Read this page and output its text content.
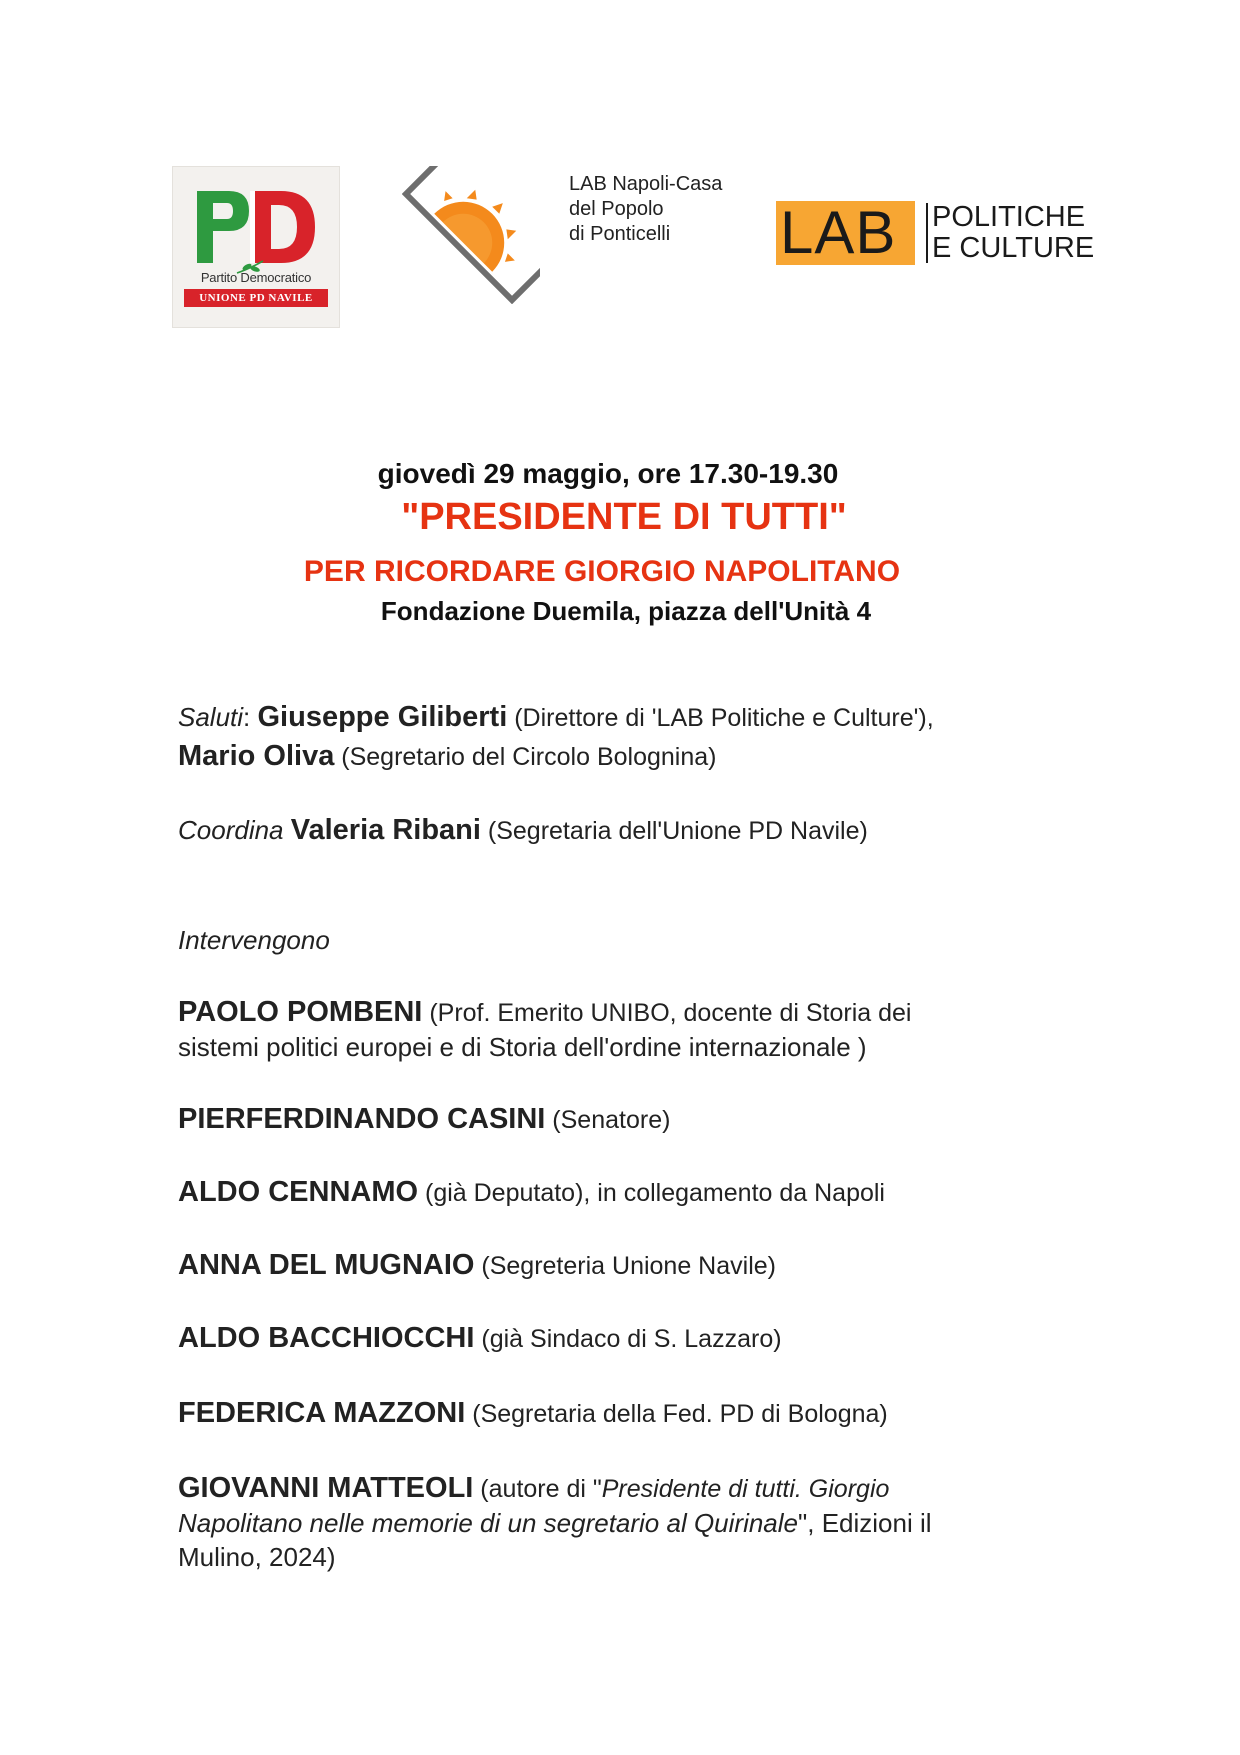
Partito Democratico
UNIONE PD NAVILE
LAB Napoli-Casa
del Popolo
di Ponticelli	LAB POLITICHE
E CULTURE
giovedì 29 maggio, ore 17.30-19.30
"PRESIDENTE DI TUTTI"
PER RICORDARE GIORGIO NAPOLITANO
Fondazione Duemila, piazza dell'Unità 4
Saluti: Giuseppe Giliberti (Direttore di 'LAB Politiche e Culture'),
Mario Oliva (Segretario del Circolo Bolognina)
Coordina Valeria Ribani (Segretaria dell'Unione PD Navile)
Intervengono
PAOLO POMBENI (Prof. Emerito UNIBO, docente di Storia dei
sistemi politici europei e di Storia dell'ordine internazionale )
PIERFERDINANDO CASINI (Senatore)
ALDO CENNAMO (già Deputato), in collegamento da Napoli
ANNA DEL MUGNAIO (Segreteria Unione Navile)
ALDO BACCHIOCCHI (già Sindaco di S. Lazzaro)
FEDERICA MAZZONI (Segretaria della Fed. PD di Bologna)
GIOVANNI MATTEOLI (autore di "Presidente di tutti. Giorgio
Napolitano nelle memorie di un segretario al Quirinale", Edizioni il
Mulino, 2024)
